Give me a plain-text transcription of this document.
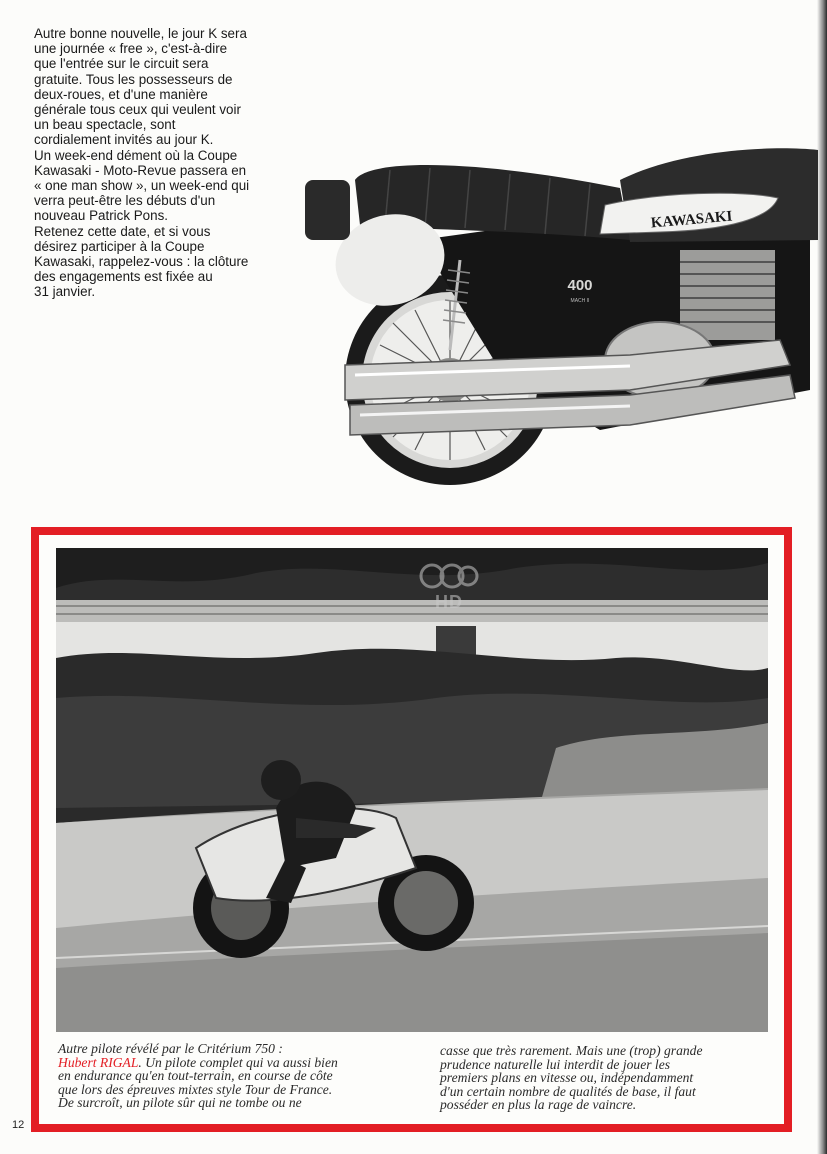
Autre bonne nouvelle, le jour K sera

une journée « free », c'est-à-dire

que l'entrée sur le circuit sera

gratuite. Tous les possesseurs de

deux-roues, et d'une manière

générale tous ceux qui veulent voir

un beau spectacle, sont

cordialement invités au jour K.

Un week-end dément où la Coupe

Kawasaki - Moto-Revue passera en

« one man show », un week-end qui

verra peut-être les débuts d'un

nouveau Patrick Pons.

Retenez cette date, et si vous

désirez participer à la Coupe

Kawasaki, rappelez-vous : la clôture

des engagements est fixée au

31 janvier.

KAWASAKI
400
MACH II
HD

Autre pilote révélé par le Critérium 750 :

Hubert RIGAL. Un pilote complet qui va aussi bien

en endurance qu'en tout-terrain, en course de côte

que lors des épreuves mixtes style Tour de France.

De surcroît, un pilote sûr qui ne tombe ou ne

casse que très rarement. Mais une (trop) grande

prudence naturelle lui interdit de jouer les

premiers plans en vitesse ou, indépendamment

d'un certain nombre de qualités de base, il faut

posséder en plus la rage de vaincre.

12
